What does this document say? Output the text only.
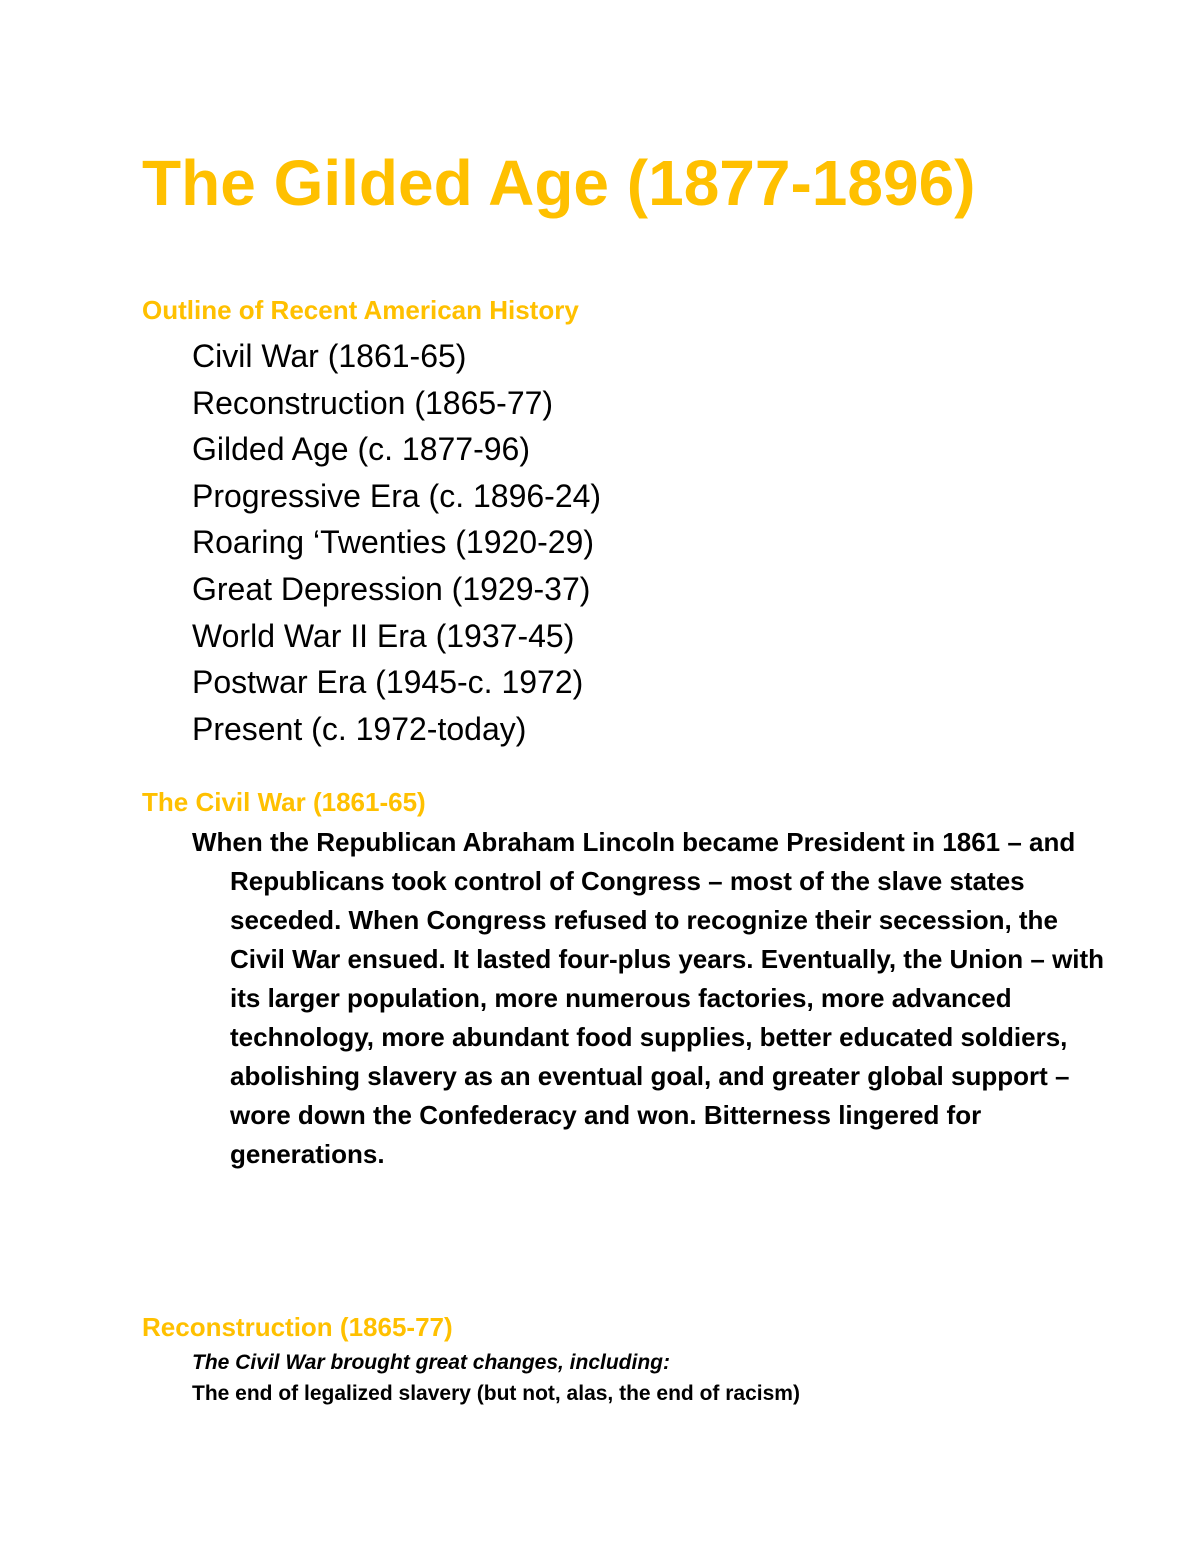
The Gilded Age (1877-1896)
Outline of Recent American History
Civil War (1861-65)
Reconstruction (1865-77)
Gilded Age (c. 1877-96)
Progressive Era (c. 1896-24)
Roaring ‘Twenties (1920-29)
Great Depression (1929-37)
World War II Era (1937-45)
Postwar Era (1945-c. 1972)
Present (c. 1972-today)
The Civil War (1861-65)

When the Republican Abraham Lincoln became President in 1861 – and Republicans took control of Congress – most of the slave states seceded. When Congress refused to recognize their secession, the Civil War ensued. It lasted four-plus years. Eventually, the Union – with its larger population, more numerous factories, more advanced technology, more abundant food supplies, better educated soldiers, abolishing slavery as an eventual goal, and greater global support – wore down the Confederacy and won. Bitterness lingered for generations.

Reconstruction (1865-77)

The Civil War brought great changes, including:

The end of legalized slavery (but not, alas, the end of racism)
